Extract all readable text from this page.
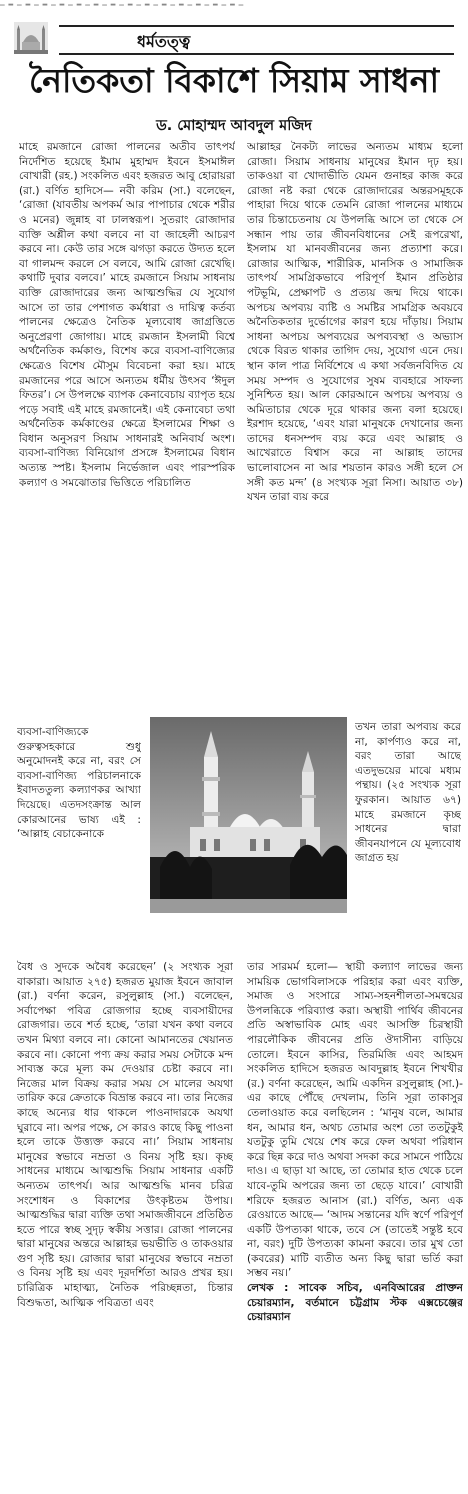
▁ ▂ ▁ ▂ ▁ ▂ ▁ ▂ ▁ ▂ ▁ ▂ ▁ ▂ ▁ ▂ ▁ ▂ ▁ ▂ ▁ ▂ ▁ ▂ ▁ ▂ ▁ ▂ ▁
ধর্মতত্ত্ব
নৈতিকতা বিকাশে সিয়াম সাধনা
ড. মোহাম্মদ আবদুল মজিদ

মাহে রমজানে রোজা পালনের অতীব তাৎপর্য নির্দেশিত হয়েছে ইমাম মুহাম্মদ ইবনে ইসমাঈল বোখারী (রহ.) সংকলিত এবং হজরত আবু হোরায়রা (রা.) বর্ণিত হাদিসে— নবী করিম (সা.) বলেছেন, ‘রোজা (যাবতীয় অপকর্ম আর পাপাচার থেকে শরীর ও মনের) জুন্নাহ বা ঢালস্বরূপ। সুতরাং রোজাদার ব্যক্তি অশ্লীল কথা বলবে না বা জাহেলী আচরণ করবে না। কেউ তার সঙ্গে ঝগড়া করতে উদ্যত হলে বা গালমন্দ করলে সে বলবে, আমি রোজা রেখেছি। কথাটি দুবার বলবে।’ মাহে রমজানে সিয়াম সাধনায় ব্যক্তি রোজাদারের জন্য আত্মশুদ্ধির যে সুযোগ আসে তা তার পেশাগত কর্মধারা ও দায়িত্ব কর্তব্য পালনের ক্ষেত্রেও নৈতিক মূল্যবোধ জাগ্রত্তিতে অনুপ্রেরণা জোগায়। মাহে রমজান ইসলামী বিশ্বে অর্থনৈতিক কর্মকাণ্ড, বিশেষ করে ব্যবসা-বাণিজ্যের ক্ষেত্রেও বিশেষ মৌসুম বিবেচনা করা হয়। মাহে রমজানের পরে আসে অন্যতম ধর্মীয় উৎসব ‘ঈদুল ফিতর’। সে উপলক্ষে ব্যাপক কেনাবেচায় ব্যাপৃত হয়ে পড়ে সবাই এই মাহে রমজানেই। এই কেনাবেচা তথা অর্থনৈতিক কর্মকাণ্ডের ক্ষেত্রে ইসলামের শিক্ষা ও বিধান অনুসরণ সিয়াম সাধনারই অনিবার্য অংশ। ব্যবসা-বাণিজ্য বিনিয়োগ প্রসঙ্গে ইসলামের বিধান অত্যন্ত স্পষ্ট। ইসলাম নির্ভেজাল এবং পারস্পরিক কল্যাণ ও সমঝোতার ভিত্তিতে পরিচালিত

আল্লাহর নৈকট্য লাভের অন্যতম মাধ্যম হলো রোজা। সিয়াম সাধনায় মানুষের ইমান দৃঢ় হয়। তাকওয়া বা খোদাভীতি যেমন গুনাহর কাজ করে রোজা নষ্ট করা থেকে রোজাদারের অন্তরসমূহকে পাহারা দিয়ে থাকে তেমনি রোজা পালনের মাধ্যমে তার চিন্তাচেতনায় যে উপলব্ধি আসে তা থেকে সে সন্ধান পায় তার জীবনবিধানের সেই রূপরেখা, ইসলাম যা মানবজীবনের জন্য প্রত্যাশা করে। রোজার আত্মিক, শারীরিক, মানসিক ও সামাজিক তাৎপর্য সামগ্রিকভাবে পরিপূর্ণ ইমান প্রতিষ্ঠার পটভূমি, প্রেক্ষাপট ও প্রত্যয় জন্ম দিয়ে থাকে। অপচয় অপব্যয় ব্যষ্টি ও সমষ্টির সামগ্রিক অবয়বে অনৈতিকতার দুর্ভোগের কারণ হয়ে দাঁড়ায়। সিয়াম সাধনা অপচয় অপব্যয়ের অপব্যবস্থা ও অভ্যাস থেকে বিরত থাকার তাগিদ দেয়, সুযোগ এনে দেয়। স্থান কাল পাত্র নির্বিশেষে এ কথা সর্বজনবিদিত যে সময় সম্পদ ও সুযোগের সুষম ব্যবহারে সাফল্য সুনিশ্চিত হয়। আল কোরআনে অপচয় অপব্যয় ও অমিতাচার থেকে দূরে থাকার জন্য বলা হয়েছে। ইরশাদ হয়েছে, ‘এবং যারা মানুষকে দেখানোর জন্য তাদের ধনসম্পদ ব্যয় করে এবং আল্লাহ ও আখেরাতে বিশ্বাস করে না আল্লাহ তাদের ভালোবাসেন না আর শয়তান কারও সঙ্গী হলে সে সঙ্গী কত মন্দ’ (৪ সংখ্যক সূরা নিসা। আয়াত ৩৮) যখন তারা ব্যয় করে

ব্যবসা-বাণিজ্যকে গুরুত্বসহকারে শুধু অনুমোদনই করে না, বরং সে ব্যবসা-বাণিজ্য পরিচালনাকে ইবাদততুল্য কল্যাণকর আখ্যা দিয়েছে। এতদসংক্রান্ত আল কোরআনের ভাষ্য এই : ‘আল্লাহ বেচাকেনাকে

তখন তারা অপব্যয় করে না, কার্পণ্যও করে না, বরং তারা আছে এতদুভয়ের মাঝে মধ্যম পন্থায়। (২৫ সংখ্যক সূরা ফুরকান। আয়াত ৬৭) মাহে রমজানে কৃচ্ছ সাধনের দ্বারা জীবনযাপনে যে মূল্যবোধ জাগ্রত হয়

বৈধ ও সুদকে অবৈধ করেছেন’ (২ সংখ্যক সূরা বাকারা। আয়াত ২৭৫) হজরত মুয়াজ ইবনে জাবাল (রা.) বর্ণনা করেন, রসুলুল্লাহ (সা.) বলেছেন, সর্বাপেক্ষা পবিত্র রোজগার হচ্ছে ব্যবসায়ীদের রোজগার। তবে শর্ত হচ্ছে, ‘তারা যখন কথা বলবে তখন মিথ্যা বলবে না। কোনো আমানতের খেয়ানত করবে না। কোনো পণ্য ক্রয় করার সময় সেটাকে মন্দ সাব্যস্ত করে মূল্য কম দেওয়ার চেষ্টা করবে না। নিজের মাল বিক্রয় করার সময় সে মালের অযথা তারিফ করে ক্রেতাকে বিভ্রান্ত করবে না। তার নিজের কাছে অন্যের ধার থাকলে পাওনাদারকে অযথা ঘুরাবে না। অপর পক্ষে, সে কারও কাছে কিছু পাওনা হলে তাকে উত্ত্যক্ত করবে না।’ সিয়াম সাধনায় মানুষের স্বভাবে নম্রতা ও বিনয় সৃষ্টি হয়। কৃচ্ছ সাধনের মাধ্যমে আত্মশুদ্ধি সিয়াম সাধনার একটি অন্যতম তাৎপর্য। আর আত্মশুদ্ধি মানব চরিত্র সংশোধন ও বিকাশের উৎকৃষ্টতম উপায়। আত্মশুদ্ধির দ্বারা ব্যক্তি তথা সমাজজীবনে প্রতিষ্ঠিত হতে পারে স্বচ্ছ সুদৃঢ় স্বকীয় সত্তার। রোজা পালনের দ্বারা মানুষের অন্তরে আল্লাহর ভয়ভীতি ও তাকওয়ার গুণ সৃষ্টি হয়। রোজার দ্বারা মানুষের স্বভাবে নম্রতা ও বিনয় সৃষ্টি হয় এবং দূরদর্শিতা আরও প্রখর হয়। চারিত্রিক মাহাত্ম্য, নৈতিক পরিচ্ছন্নতা, চিন্তার বিশুদ্ধতা, আত্মিক পবিত্রতা এবং

তার সারমর্ম হলো— স্থায়ী কল্যাণ লাভের জন্য সাময়িক ভোগবিলাসকে পরিহার করা এবং ব্যক্তি, সমাজ ও সংসারে সাম্য-সহনশীলতা-সমন্বয়ের উপলব্ধিকে পরিব্যাপ্ত করা। অস্থায়ী পার্থিব জীবনের প্রতি অস্বাভাবিক মোহ এবং আসক্তি চিরস্থায়ী পারলৌকিক জীবনের প্রতি ঔদাসীন্য বাড়িয়ে তোলে। ইবনে কাসির, তিরমিজি এবং আহমদ সংকলিত হাদিসে হজরত আবদুল্লাহ ইবনে শিখখীর (র.) বর্ণনা করেছেন, আমি একদিন রসুলুল্লাহ (সা.)-এর কাছে পৌঁছে দেখলাম, তিনি সূরা তাকাসুর তেলাওয়াত করে বলছিলেন : ‘মানুষ বলে, আমার ধন, আমার ধন, অথচ তোমার অংশ তো ততটুকুই যতটুকু তুমি খেয়ে শেষ করে ফেল অথবা পরিধান করে ছিন্ন করে দাও অথবা সদকা করে সামনে পাঠিয়ে দাও। এ ছাড়া যা আছে, তা তোমার হাত থেকে চলে যাবে-তুমি অপরের জন্য তা ছেড়ে যাবে।’ বোখারী শরিফে হজরত আনাস (রা.) বর্ণিত, অন্য এক রেওয়াতে আছে— ‘আদম সন্তানের যদি স্বর্ণে পরিপূর্ণ একটি উপত্যকা থাকে, তবে সে (তাতেই সন্তুষ্ট হবে না, বরং) দুটি উপত্যকা কামনা করবে। তার মুখ তো (কবরের) মাটি ব্যতীত অন্য কিছু দ্বারা ভর্তি করা সম্ভব নয়।’

লেখক : সাবেক সচিব, এনবিআরের প্রাক্তন চেয়ারম্যান, বর্তমানে চট্টগ্রাম স্টক এক্সচেঞ্জের চেয়ারম্যান
